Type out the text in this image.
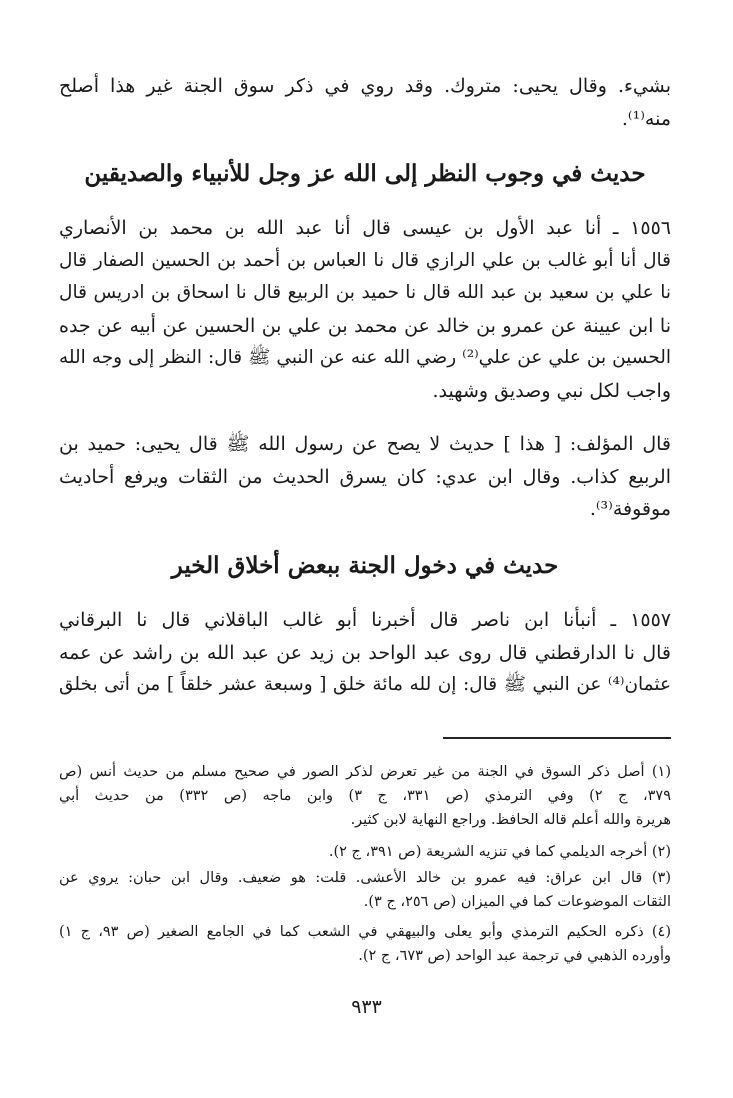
بشيء. وقال يحيى: متروك. وقد روي في ذكر سوق الجنة غير هذا أصلح
منه⁽¹⁾.

حديث في وجوب النظر إلى الله عز وجل للأنبياء والصديقين

١٥٥٦ ـ أنا عبد الأول بن عيسى قال أنا عبد الله بن محمد بن الأنصاري
قال أنا أبو غالب بن علي الرازي قال نا العباس بن أحمد بن الحسين الصفار قال
نا علي بن سعيد بن عبد الله قال نا حميد بن الربيع قال نا اسحاق بن ادريس قال
نا ابن عيينة عن عمرو بن خالد عن محمد بن علي بن الحسين عن أبيه عن جده
الحسين بن علي عن علي⁽²⁾ رضي الله عنه عن النبي ﷺ قال: النظر إلى وجه الله
واجب لكل نبي وصديق وشهيد.

قال المؤلف: [ هذا ] حديث لا يصح عن رسول الله ﷺ قال يحيى: حميد بن
الربيع كذاب. وقال ابن عدي: كان يسرق الحديث من الثقات ويرفع أحاديث
موقوفة⁽³⁾.

حديث في دخول الجنة ببعض أخلاق الخير

١٥٥٧ ـ أنبأنا ابن ناصر قال أخبرنا أبو غالب الباقلاني قال نا البرقاني
قال نا الدارقطني قال روى عبد الواحد بن زيد عن عبد الله بن راشد عن عمه
عثمان⁽⁴⁾ عن النبي ﷺ قال: إن لله مائة خلق [ وسبعة عشر خلقاً ] من أتى بخلق

(١) أصل ذكر السوق في الجنة من غير تعرض لذكر الصور في صحيح مسلم من حديث أنس (ص
٣٧٩، ج ٢) وفي الترمذي (ص ٣٣١، ج ٣) وابن ماجه (ص ٣٣٢) من حديث أبي
هريرة والله أعلم قاله الحافظ. وراجع النهاية لابن كثير.
(٢) أخرجه الديلمي كما في تنزيه الشريعة (ص ٣٩١، ج ٢).
(٣) قال ابن عراق: فيه عمرو بن خالد الأعشى. قلت: هو ضعيف. وقال ابن حبان: يروي عن
الثقات الموضوعات كما في الميزان (ص ٢٥٦، ج ٣).
(٤) ذكره الحكيم الترمذي وأبو يعلى والبيهقي في الشعب كما في الجامع الصغير (ص ٩٣، ج ١)
وأورده الذهبي في ترجمة عبد الواحد (ص ٦٧٣، ج ٢).
٩٣٣
